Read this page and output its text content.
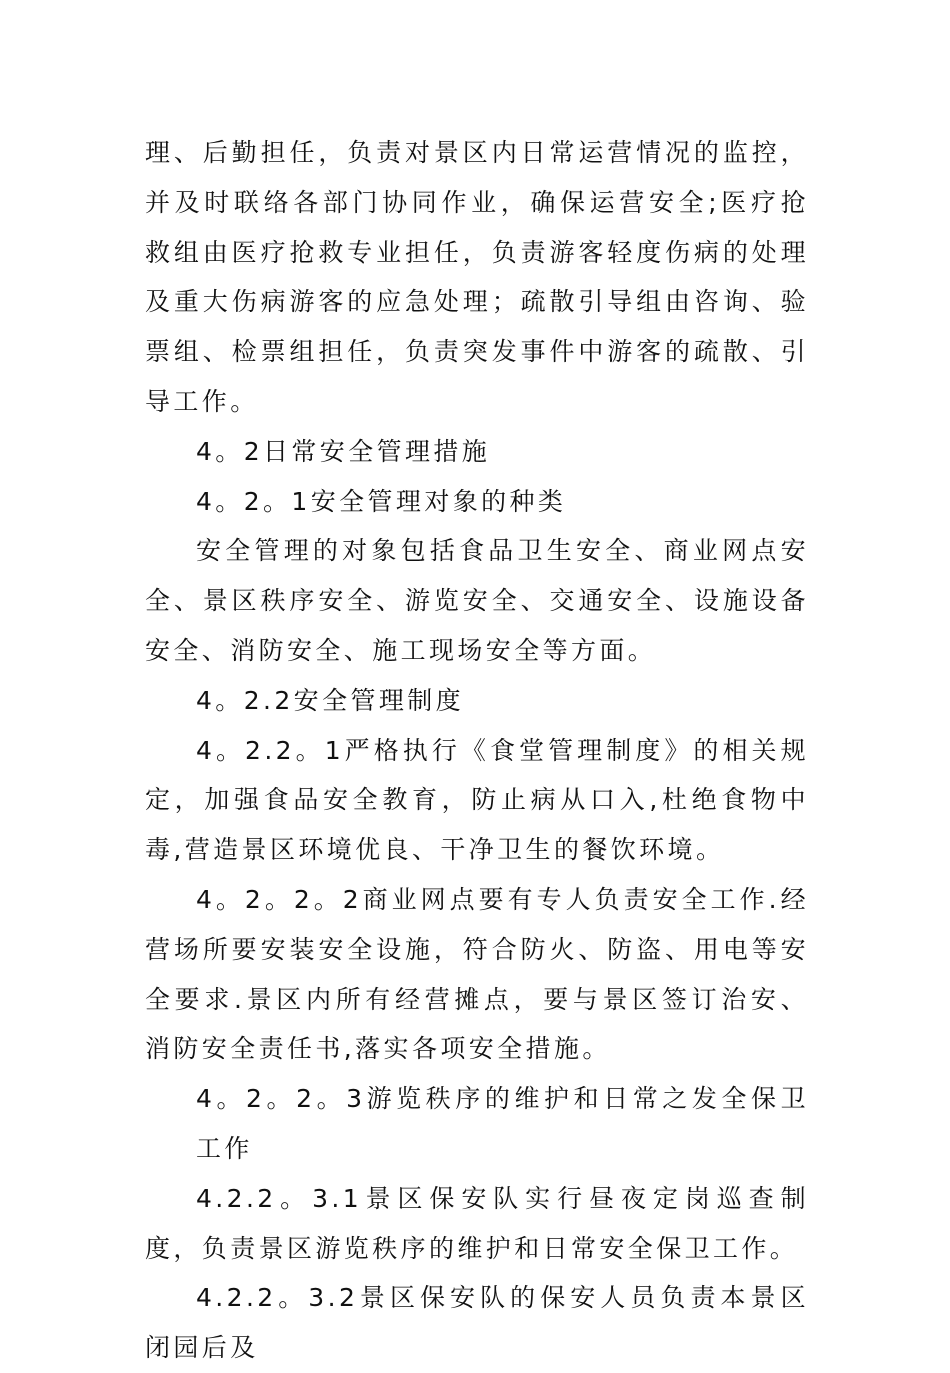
理、后勤担任，负责对景区内日常运营情况的监控，并及时联络各部门协同作业，确保运营安全;医疗抢救组由医疗抢救专业担任，负责游客轻度伤病的处理及重大伤病游客的应急处理；疏散引导组由咨询、验票组、检票组担任，负责突发事件中游客的疏散、引导工作。

4。2日常安全管理措施

4。2。1安全管理对象的种类

安全管理的对象包括食品卫生安全、商业网点安全、景区秩序安全、游览安全、交通安全、设施设备安全、消防安全、施工现场安全等方面。

4。2.2安全管理制度

4。2.2。1严格执行《食堂管理制度》的相关规定，加强食品安全教育，防止病从口入,杜绝食物中毒,营造景区环境优良、干净卫生的餐饮环境。

4。2。2。2商业网点要有专人负责安全工作.经营场所要安装安全设施，符合防火、防盗、用电等安全要求.景区内所有经营摊点，要与景区签订治安、消防安全责任书,落实各项安全措施。

4。2。2。3游览秩序的维护和日常之发全保卫工作

4.2.2。3.1景区保安队实行昼夜定岗巡查制度，负责景区游览秩序的维护和日常安全保卫工作。

4.2.2。3.2景区保安队的保安人员负责本景区闭园后及
